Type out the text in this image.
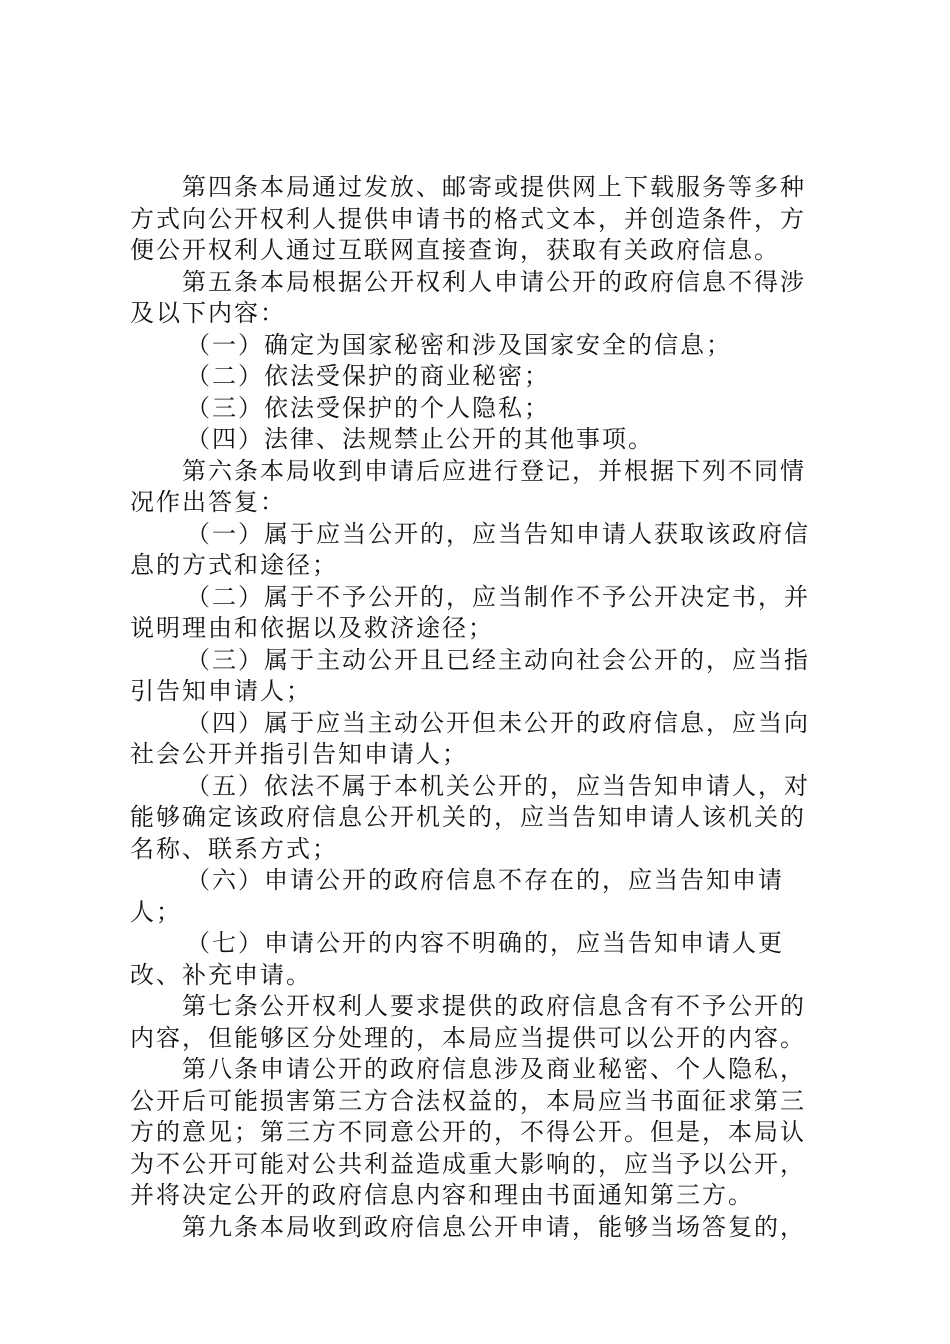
第四条本局通过发放、邮寄或提供网上下载服务等多种方式向公开权利人提供申请书的格式文本，并创造条件，方便公开权利人通过互联网直接查询，获取有关政府信息。

第五条本局根据公开权利人申请公开的政府信息不得涉及以下内容：

（一）确定为国家秘密和涉及国家安全的信息；

（二）依法受保护的商业秘密；

（三）依法受保护的个人隐私；

（四）法律、法规禁止公开的其他事项。

第六条本局收到申请后应进行登记，并根据下列不同情况作出答复：

（一）属于应当公开的，应当告知申请人获取该政府信息的方式和途径；

（二）属于不予公开的，应当制作不予公开决定书，并说明理由和依据以及救济途径；

（三）属于主动公开且已经主动向社会公开的，应当指引告知申请人；

（四）属于应当主动公开但未公开的政府信息，应当向社会公开并指引告知申请人；

（五）依法不属于本机关公开的，应当告知申请人，对能够确定该政府信息公开机关的，应当告知申请人该机关的名称、联系方式；

（六）申请公开的政府信息不存在的，应当告知申请人；

（七）申请公开的内容不明确的，应当告知申请人更改、补充申请。

第七条公开权利人要求提供的政府信息含有不予公开的内容，但能够区分处理的，本局应当提供可以公开的内容。

第八条申请公开的政府信息涉及商业秘密、个人隐私，公开后可能损害第三方合法权益的，本局应当书面征求第三方的意见；第三方不同意公开的，不得公开。但是，本局认为不公开可能对公共利益造成重大影响的，应当予以公开，并将决定公开的政府信息内容和理由书面通知第三方。

第九条本局收到政府信息公开申请，能够当场答复的，
